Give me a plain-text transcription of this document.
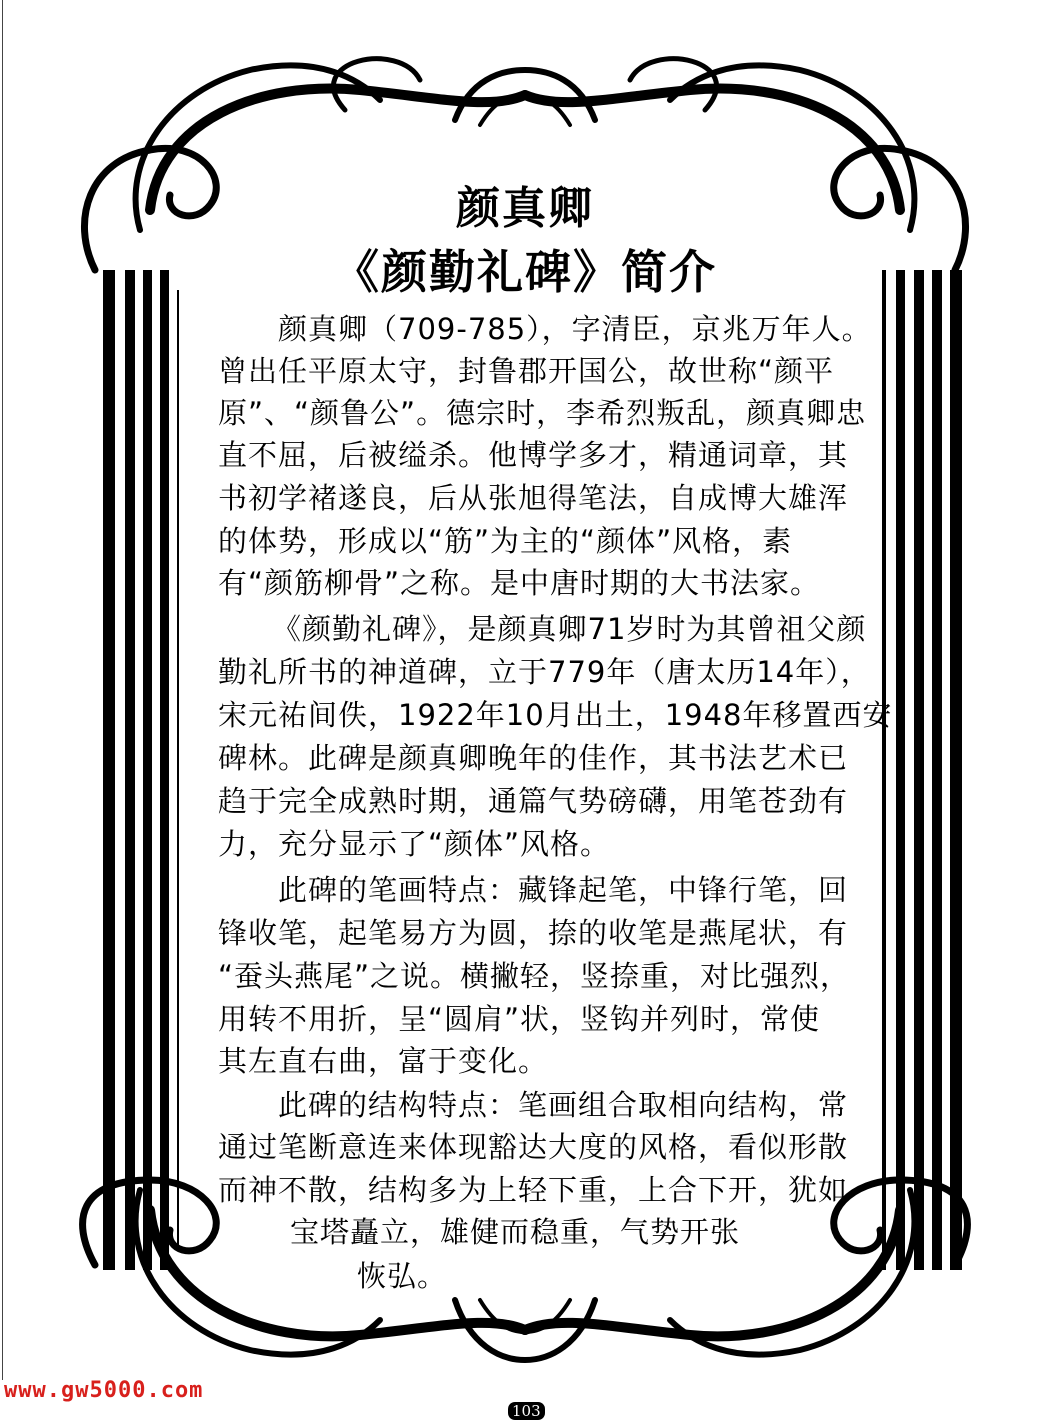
颜真卿
《颜勤礼碑》简介
颜真卿（709-785），字清臣，京兆万年人。
曾出任平原太守，封鲁郡开国公，故世称“颜平
原”、“颜鲁公”。德宗时，李希烈叛乱，颜真卿忠
直不屈，后被缢杀。他博学多才，精通词章，其
书初学褚遂良，后从张旭得笔法，自成博大雄浑
的体势，形成以“筋”为主的“颜体”风格，素
有“颜筋柳骨”之称。是中唐时期的大书法家。
《颜勤礼碑》，是颜真卿71岁时为其曾祖父颜
勤礼所书的神道碑，立于779年（唐太历14年），
宋元祐间佚，1922年10月出土，1948年移置西安
碑林。此碑是颜真卿晚年的佳作，其书法艺术已
趋于完全成熟时期，通篇气势磅礴，用笔苍劲有
力，充分显示了“颜体”风格。
此碑的笔画特点：藏锋起笔，中锋行笔，回
锋收笔，起笔易方为圆，捺的收笔是燕尾状，有
“蚕头燕尾”之说。横撇轻，竖捺重，对比强烈，
用转不用折，呈“圆肩”状，竖钩并列时，常使
其左直右曲，富于变化。
此碑的结构特点：笔画组合取相向结构，常
通过笔断意连来体现豁达大度的风格，看似形散
而神不散，结构多为上轻下重，上合下开，犹如
宝塔矗立，雄健而稳重，气势开张
恢弘。
www.gw5000.com
103
